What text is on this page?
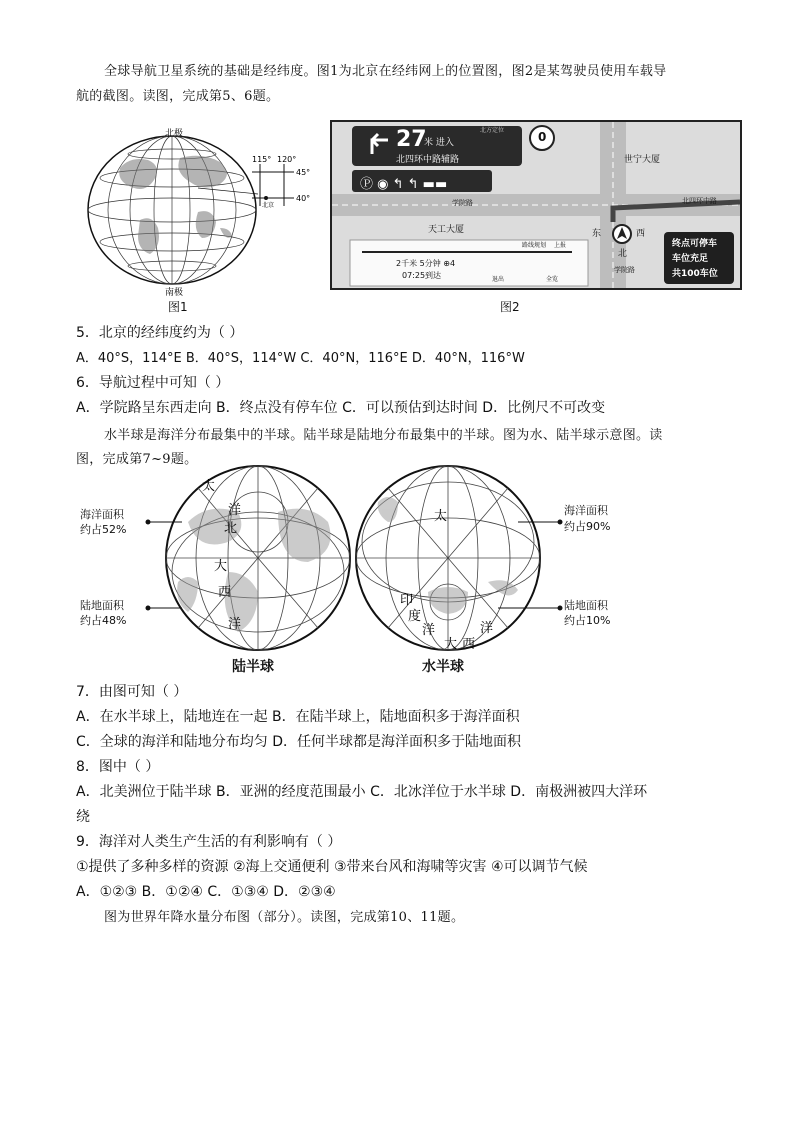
全球导航卫星系统的基础是经纬度。图1为北京在经纬网上的位置图，图2是某驾驶员使用车载导
航的截图。读图，完成第5、6题。
北极
南极
115° 120°
45°
40°
北京
图1
27
米 进入
北四环中路辅路
北方定位	0
Ⓟ ◉ ↰ ↰ ▬▬
世宁大厦
天工大厦
学院路	北四环中路
学院路
东	西
北
2千米 5分钟 ⊕4
07:25到达
路线规划 上报
退出	全览
终点可停车
车位充足
共100车位
图2
5．北京的经纬度约为（ ）
A．40°S，114°E B．40°S，114°W C．40°N，116°E D．40°N，116°W
6．导航过程中可知（ ）
A．学院路呈东西走向 B．终点没有停车位 C．可以预估到达时间 D．比例尺不可改变
水半球是海洋分布最集中的半球。陆半球是陆地分布最集中的半球。图为水、陆半球示意图。读
图，完成第7~9题。
太
北
大
西
洋
洋	太
印
度
洋
大 西
洋
海洋面积
约占52%
陆地面积
约占48%
海洋面积
约占90%
陆地面积
约占10%
陆半球	水半球
7．由图可知（ ）
A．在水半球上，陆地连在一起 B．在陆半球上，陆地面积多于海洋面积
C．全球的海洋和陆地分布均匀 D．任何半球都是海洋面积多于陆地面积
8．图中（ ）
A．北美洲位于陆半球 B．亚洲的经度范围最小 C．北冰洋位于水半球 D．南极洲被四大洋环
绕
9．海洋对人类生产生活的有利影响有（ ）
①提供了多种多样的资源 ②海上交通便利 ③带来台风和海啸等灾害 ④可以调节气候
A．①②③ B．①②④ C．①③④ D．②③④
图为世界年降水量分布图（部分）。读图，完成第10、11题。
